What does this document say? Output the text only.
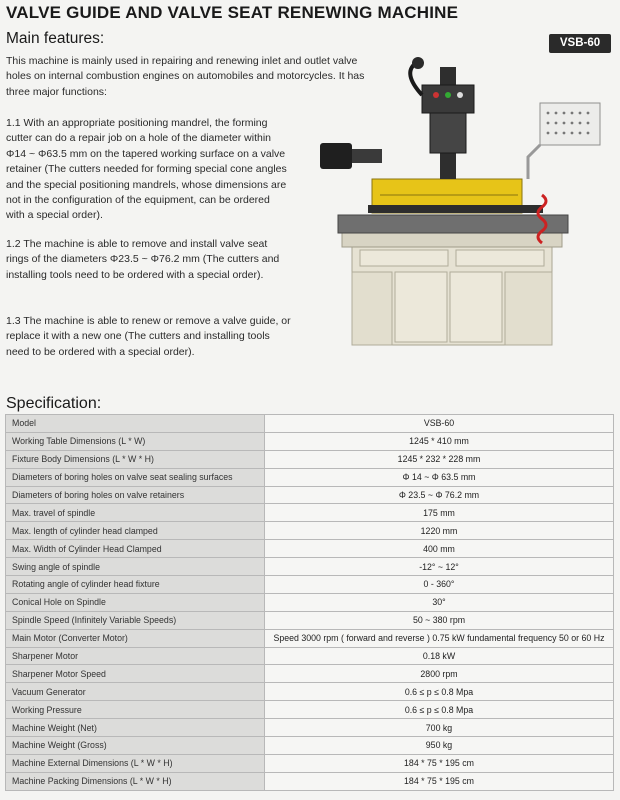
VALVE GUIDE AND VALVE SEAT RENEWING MACHINE
Main features:	VSB-60

This machine is mainly used in repairing and renewing inlet and outlet valve holes on internal combustion engines on automobiles and motorcycles. It has three major functions:

1.1 With an appropriate positioning mandrel, the forming cutter can do a repair job on a hole of the diameter within Φ14 ~ Φ63.5 mm on the tapered working surface on a valve retainer (The cutters needed for forming special cone angles and the special positioning mandrels, whose dimensions are not in the configuration of the equipment, can be ordered with a special order).

1.2 The machine is able to remove and install valve seat rings of the diameters Φ23.5 ~ Φ76.2 mm (The cutters and installing tools need to be ordered with a special order).

1.3 The machine is able to renew or remove a valve guide, or replace it with a new one (The cutters and installing tools need to be ordered with a special order).

Specification:
Model	VSB-60
Working Table Dimensions (L * W)	1245 * 410 mm
Fixture Body Dimensions (L * W * H)	1245 * 232 * 228 mm
Diameters of boring holes on valve seat sealing surfaces	Φ 14 ~ Φ 63.5 mm
Diameters of boring holes on valve retainers	Φ 23.5 ~ Φ 76.2 mm
Max. travel of spindle	175 mm
Max. length of cylinder head clamped	1220 mm
Max. Width of Cylinder Head Clamped	400 mm
Swing angle of spindle	-12° ~ 12°
Rotating angle of cylinder head fixture	0 - 360°
Conical Hole on Spindle	30°
Spindle Speed (Infinitely Variable Speeds)	50 ~ 380 rpm
Main Motor (Converter Motor)	Speed 3000 rpm ( forward and reverse ) 0.75 kW fundamental frequency 50 or 60 Hz
Sharpener Motor	0.18 kW
Sharpener Motor Speed	2800 rpm
Vacuum Generator	0.6 ≤ p ≤ 0.8 Mpa
Working Pressure	0.6 ≤ p ≤ 0.8 Mpa
Machine Weight (Net)	700 kg
Machine Weight (Gross)	950 kg
Machine External Dimensions (L * W * H)	184 * 75 * 195 cm
Machine Packing Dimensions (L * W * H)	184 * 75 * 195 cm
